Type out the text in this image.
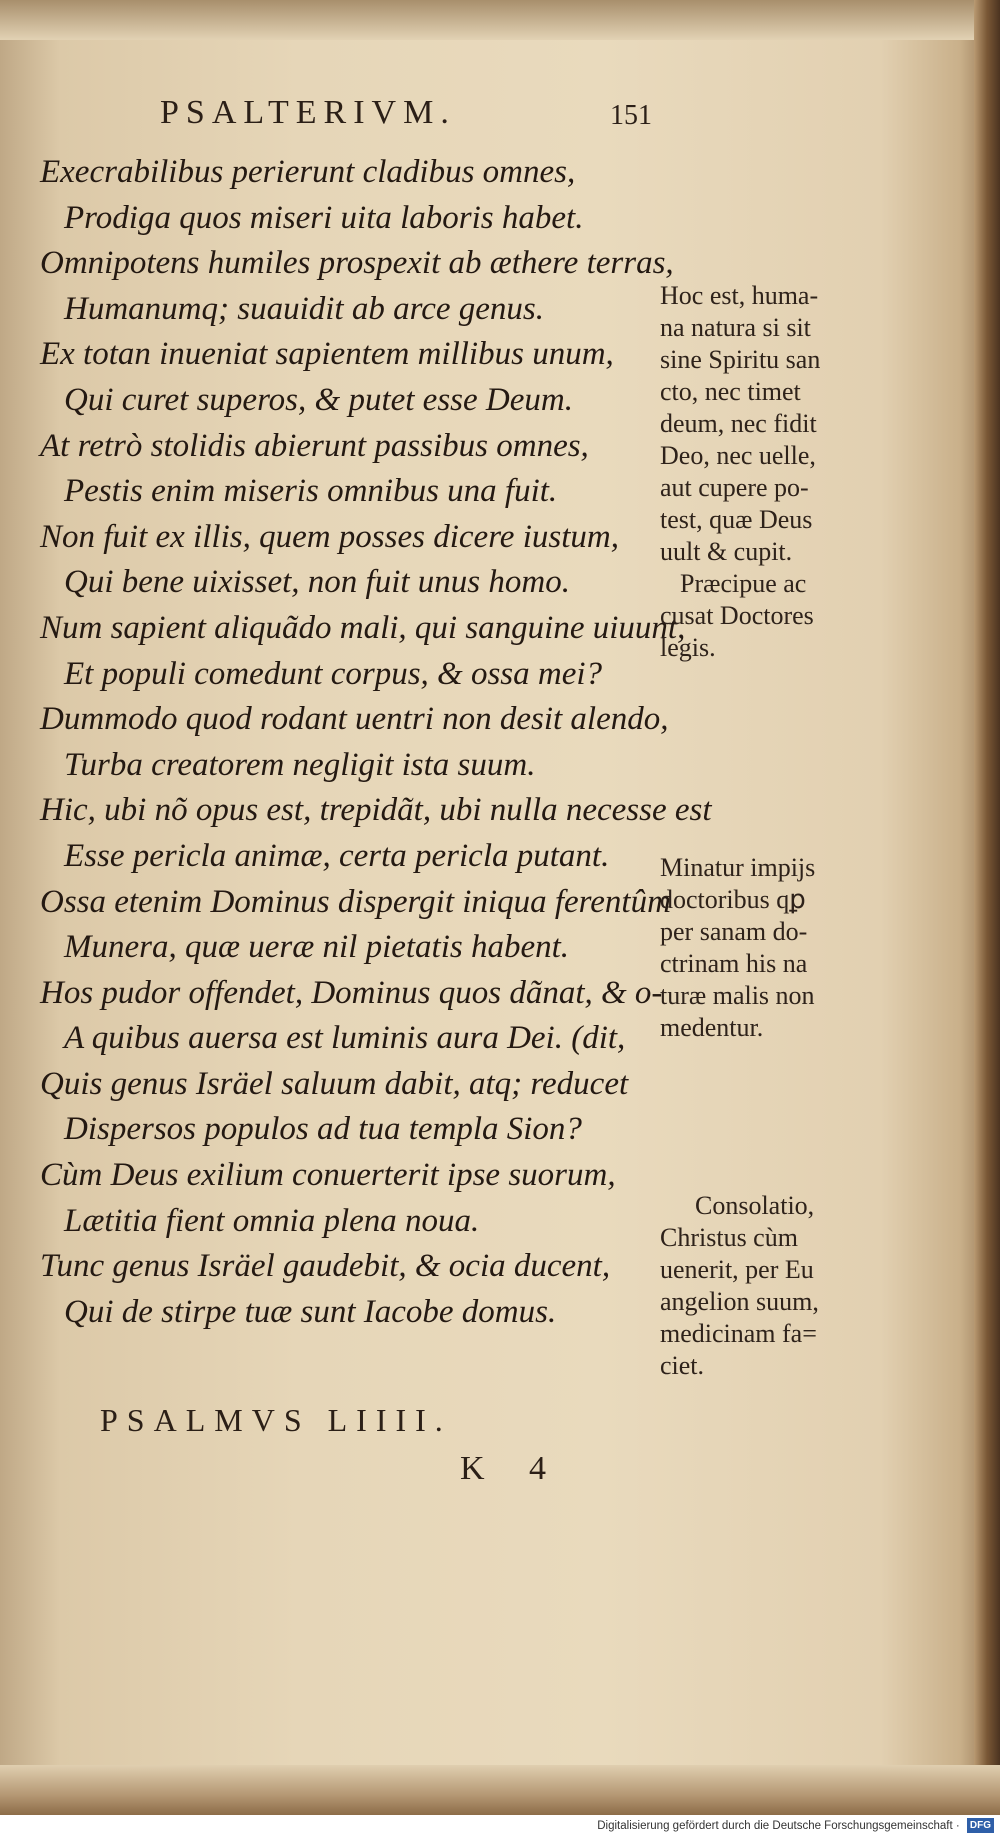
PSALTERIVM.	151
Execrabilibus perierunt cladibus omnes,
Prodiga quos miseri uita laboris habet.
Omnipotens humiles prospexit ab æthere terras,
Humanumq; suauidit ab arce genus.
Ex totan inueniat sapientem millibus unum,
Qui curet superos, & putet esse Deum.
At retrò stolidis abierunt passibus omnes,
Pestis enim miseris omnibus una fuit.
Non fuit ex illis, quem posses dicere iustum,
Qui bene uixisset, non fuit unus homo.
Num sapient aliquãdo mali, qui sanguine uiuunt,
Et populi comedunt corpus, & ossa mei?
Dummodo quod rodant uentri non desit alendo,
Turba creatorem negligit ista suum.
Hic, ubi nõ opus est, trepidãt, ubi nulla necesse est
Esse pericla animæ, certa pericla putant.
Ossa etenim Dominus dispergit iniqua ferentûm
Munera, quæ ueræ nil pietatis habent.
Hos pudor offendet, Dominus quos dãnat, & o-
A quibus auersa est luminis aura Dei. (dit,
Quis genus Isräel saluum dabit, atq; reducet
Dispersos populos ad tua templa Sion?
Cùm Deus exilium conuerterit ipse suorum,
Lætitia fient omnia plena noua.
Tunc genus Isräel gaudebit, & ocia ducent,
Qui de stirpe tuæ sunt Iacobe domus.
Hoc est, huma-
na natura si sit
sine Spiritu san
cto, nec timet
deum, nec fidit
Deo, nec uelle,
aut cupere po-
test, quæ Deus
uult & cupit.
Præcipue ac
cusat Doctores
legis.
Minatur impijs
doctoribus qꝑ
per sanam do-
ctrinam his na
turæ malis non
medentur.
Consolatio,
Christus cùm
uenerit, per Eu
angelion suum,
medicinam fa=
ciet.
PSALMVS LIIII.
K 4
Digitalisierung gefördert durch die Deutsche Forschungsgemeinschaft · DFG
